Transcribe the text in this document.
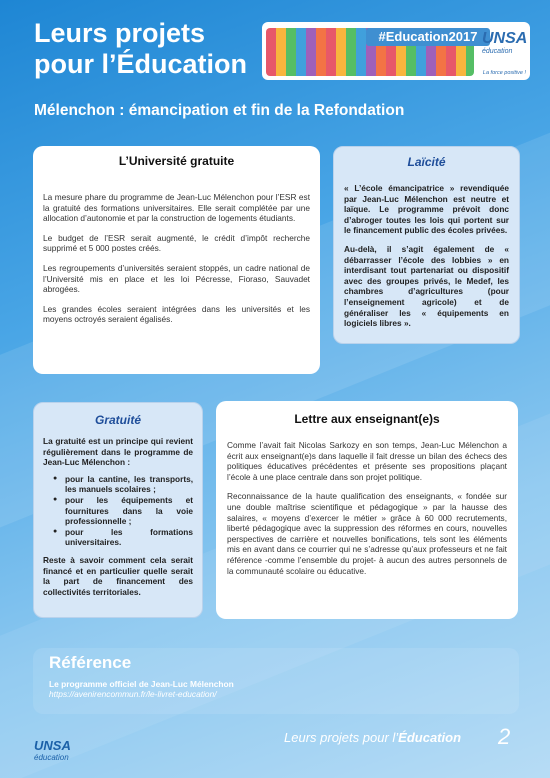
Leurs projets
pour l’Éducation
#Education2017 UNSA
éducation
La force positive !
Mélenchon : émancipation et fin de la Refondation
L’Université gratuite

La mesure phare du programme de Jean-Luc Mélenchon pour l’ESR est la gratuité des formations universitaires. Elle serait complétée par une allocation d’autonomie et par la construction de logements étudiants.

Le budget de l’ESR serait augmenté, le crédit d’impôt recherche supprimé et 5 000 postes créés.

Les regroupements d’universités seraient stoppés, un cadre national de l’Université mis en place et les loi Pécresse, Fioraso, Sauvadet abrogées.

Les grandes écoles seraient intégrées dans les universités et les moyens octroyés seraient égalisés.

Laïcité

« L’école émancipatrice » revendiquée par Jean-Luc Mélenchon est neutre et laïque. Le programme prévoit donc d’abroger toutes les lois qui portent sur le financement public des écoles privées.

Au-delà, il s’agit également de « débarrasser l’école des lobbies » en interdisant tout partenariat ou dispositif avec des groupes privés, le Medef, les chambres d’agricultures (pour l’enseignement agricole) et de généraliser les « équipements en logiciels libres ».

Gratuité

La gratuité est un principe qui revient régulièrement dans le programme de Jean-Luc Mélenchon :

● pour la cantine, les transports, les manuels scolaires ;
● pour les équipements et fournitures dans la voie professionnelle ;
● pour les formations universitaires.

Reste à savoir comment cela serait financé et en particulier quelle serait la part de financement des collectivités territoriales.

Lettre aux enseignant(e)s

Comme l’avait fait Nicolas Sarkozy en son temps, Jean-Luc Mélenchon a écrit aux enseignant(e)s dans laquelle il fait dresse un bilan des échecs des politiques éducatives précédentes et présente ses propositions plaçant l’école à une place centrale dans son projet politique.

Reconnaissance de la haute qualification des enseignants, « fondée sur une double maîtrise scientifique et pédagogique » par la hausse des salaires, « moyens d’exercer le métier » grâce à 60 000 recrutements, liberté pédagogique avec la suppression des réformes en cours, nouvelles perspectives de carrière et nouvelles bonifications, tels sont les éléments mis en avant dans ce courrier qui ne s’adresse qu’aux professeurs et ne fait référence -comme l’ensemble du projet- à aucun des autres personnels de la communauté scolaire ou éducative.

Référence
Le programme officiel de Jean-Luc Mélenchon
https://avenirencommun.fr/le-livret-education/
UNSA
éducation
Leurs projets pour l’Éducation 2
